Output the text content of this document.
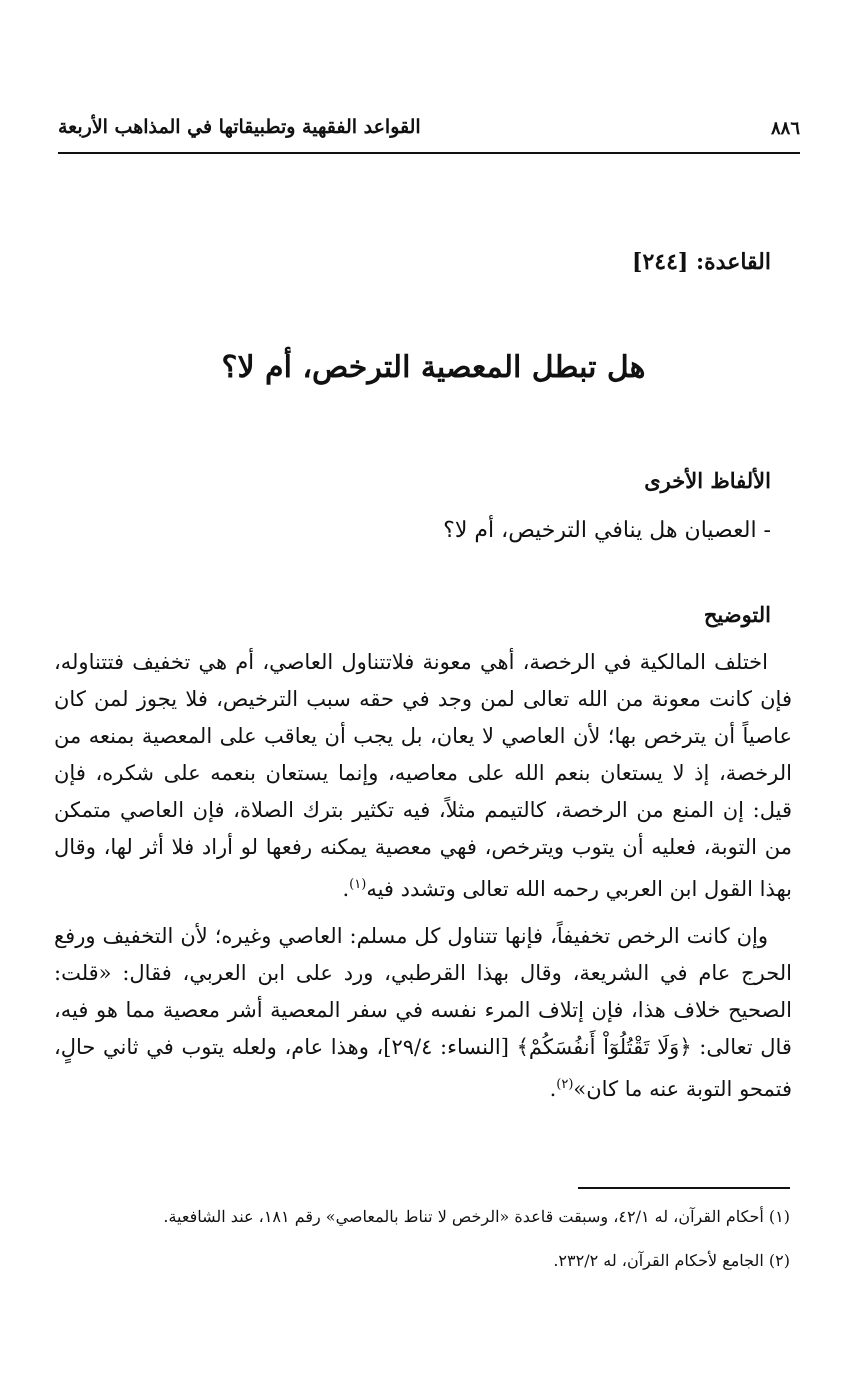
٨٨٦
القواعد الفقهية وتطبيقاتها في المذاهب الأربعة
القاعدة: [٢٤٤]
هل تبطل المعصية الترخص، أم لا؟
الألفاظ الأخرى
- العصيان هل ينافي الترخيص، أم لا؟
التوضيح

اختلف المالكية في الرخصة، أهي معونة فلاتتناول العاصي، أم هي تخفيف فتتناوله، فإن كانت معونة من الله تعالى لمن وجد في حقه سبب الترخيص، فلا يجوز لمن كان عاصياً أن يترخص بها؛ لأن العاصي لا يعان، بل يجب أن يعاقب على المعصية بمنعه من الرخصة، إذ لا يستعان بنعم الله على معاصيه، وإنما يستعان بنعمه على شكره، فإن قيل: إن المنع من الرخصة، كالتيمم مثلاً، فيه تكثير بترك الصلاة، فإن العاصي متمكن من التوبة، فعليه أن يتوب ويترخص، فهي معصية يمكنه رفعها لو أراد فلا أثر لها، وقال بهذا القول ابن العربي رحمه الله تعالى وتشدد فيه$^{(١)}$.

وإن كانت الرخص تخفيفاً، فإنها تتناول كل مسلم: العاصي وغيره؛ لأن التخفيف ورفع الحرج عام في الشريعة، وقال بهذا القرطبي، ورد على ابن العربي، فقال: «قلت: الصحيح خلاف هذا، فإن إتلاف المرء نفسه في سفر المعصية أشر معصية مما هو فيه، قال تعالى: ﴿وَلَا تَقْتُلُوٓاْ أَنفُسَكُمْ﴾ [النساء: ٢٩/٤]، وهذا عام، ولعله يتوب في ثاني حالٍ، فتمحو التوبة عنه ما كان»$^{(٢)}$.

(١) أحكام القرآن، له ٤٢/١، وسبقت قاعدة «الرخص لا تناط بالمعاصي» رقم ١٨١، عند الشافعية.
(٢) الجامع لأحكام القرآن، له ٢٣٢/٢.
